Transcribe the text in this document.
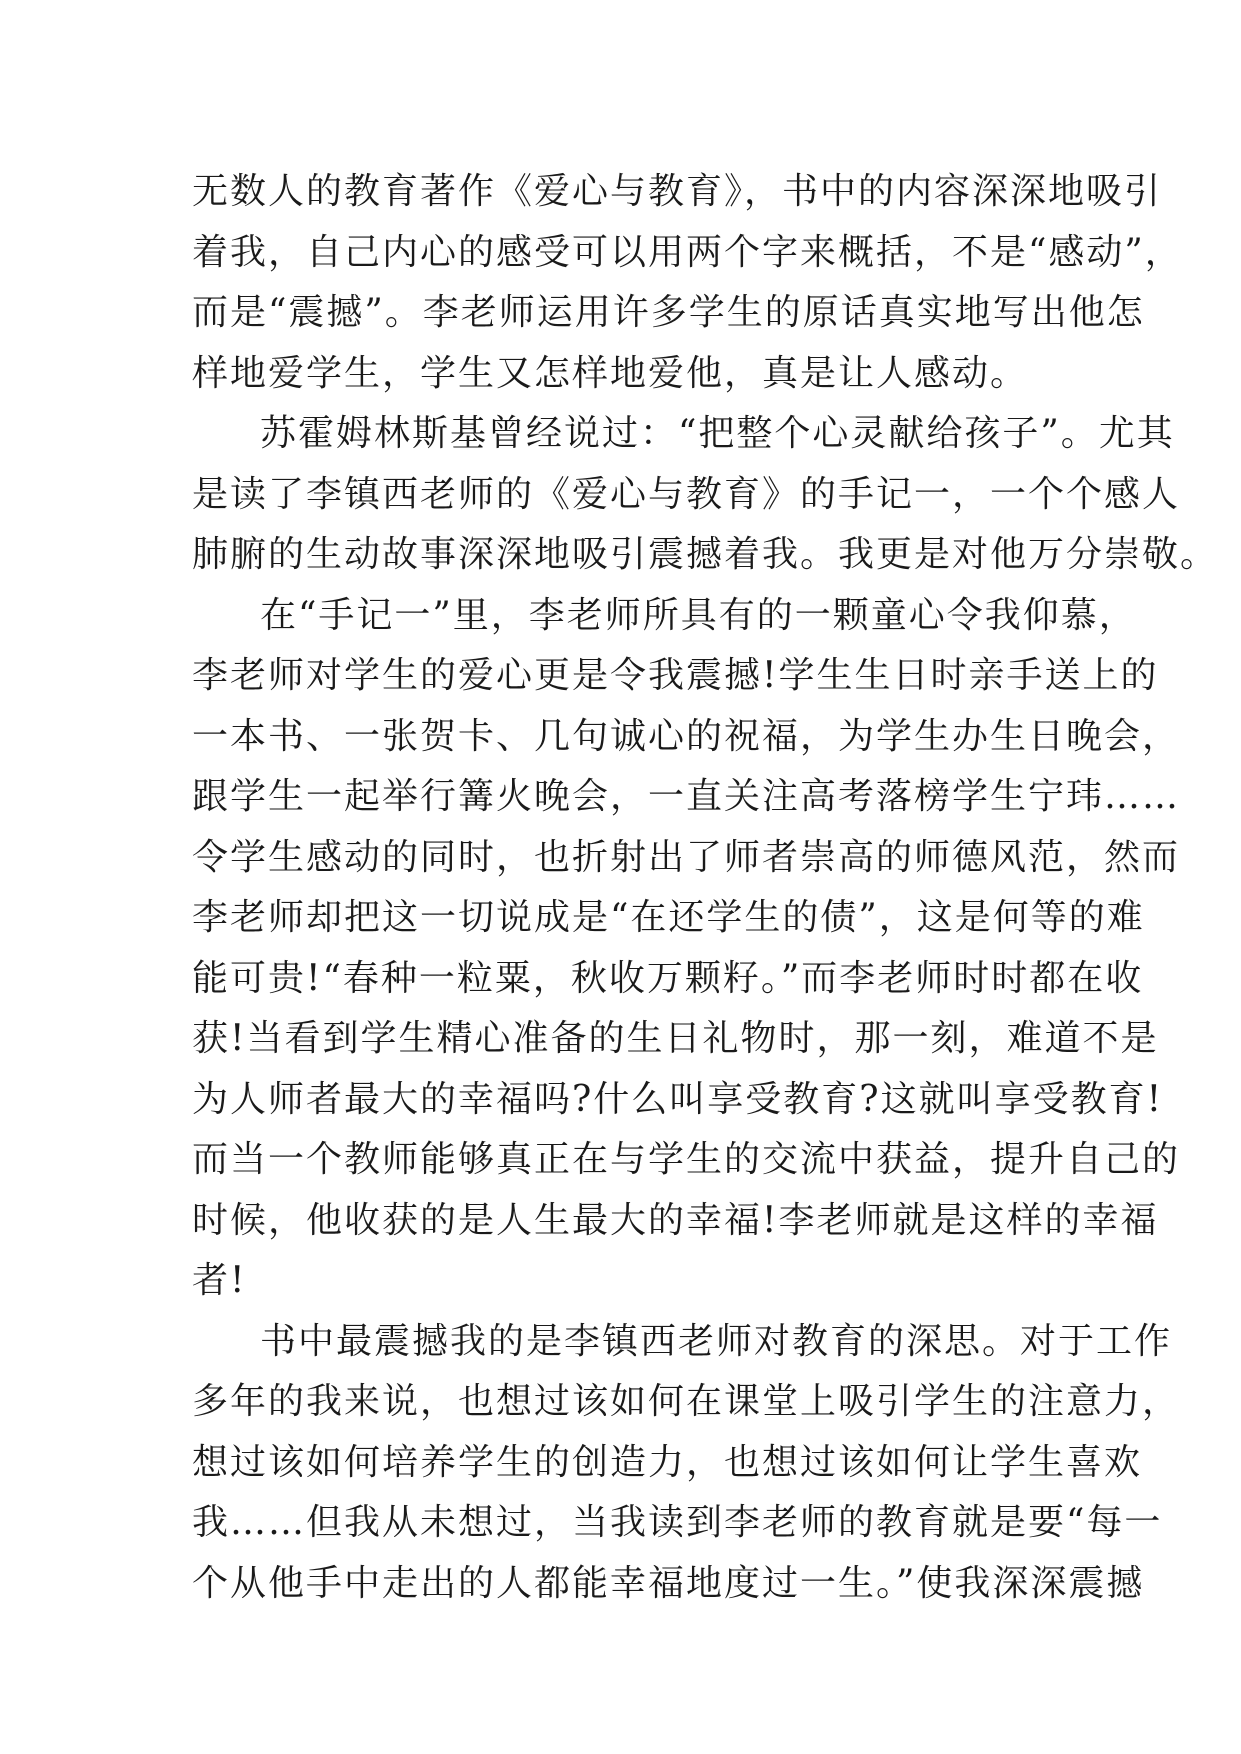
无数人的教育著作《爱心与教育》，书中的内容深深地吸引
着我，自己内心的感受可以用两个字来概括，不是“感动”，
而是“震撼”。李老师运用许多学生的原话真实地写出他怎
样地爱学生，学生又怎样地爱他，真是让人感动。
苏霍姆林斯基曾经说过：“把整个心灵献给孩子”。尤其
是读了李镇西老师的《爱心与教育》的手记一，一个个感人
肺腑的生动故事深深地吸引震撼着我。我更是对他万分崇敬。
在“手记一”里，李老师所具有的一颗童心令我仰慕，
李老师对学生的爱心更是令我震撼!学生生日时亲手送上的
一本书、一张贺卡、几句诚心的祝福，为学生办生日晚会，
跟学生一起举行篝火晚会，一直关注高考落榜学生宁玮……
令学生感动的同时，也折射出了师者崇高的师德风范，然而
李老师却把这一切说成是“在还学生的债”，这是何等的难
能可贵!“春种一粒粟，秋收万颗籽。”而李老师时时都在收
获!当看到学生精心准备的生日礼物时，那一刻，难道不是
为人师者最大的幸福吗?什么叫享受教育?这就叫享受教育!
而当一个教师能够真正在与学生的交流中获益，提升自己的
时候，他收获的是人生最大的幸福!李老师就是这样的幸福
者!
书中最震撼我的是李镇西老师对教育的深思。对于工作
多年的我来说，也想过该如何在课堂上吸引学生的注意力，
想过该如何培养学生的创造力，也想过该如何让学生喜欢
我……但我从未想过，当我读到李老师的教育就是要“每一
个从他手中走出的人都能幸福地度过一生。”使我深深震撼
